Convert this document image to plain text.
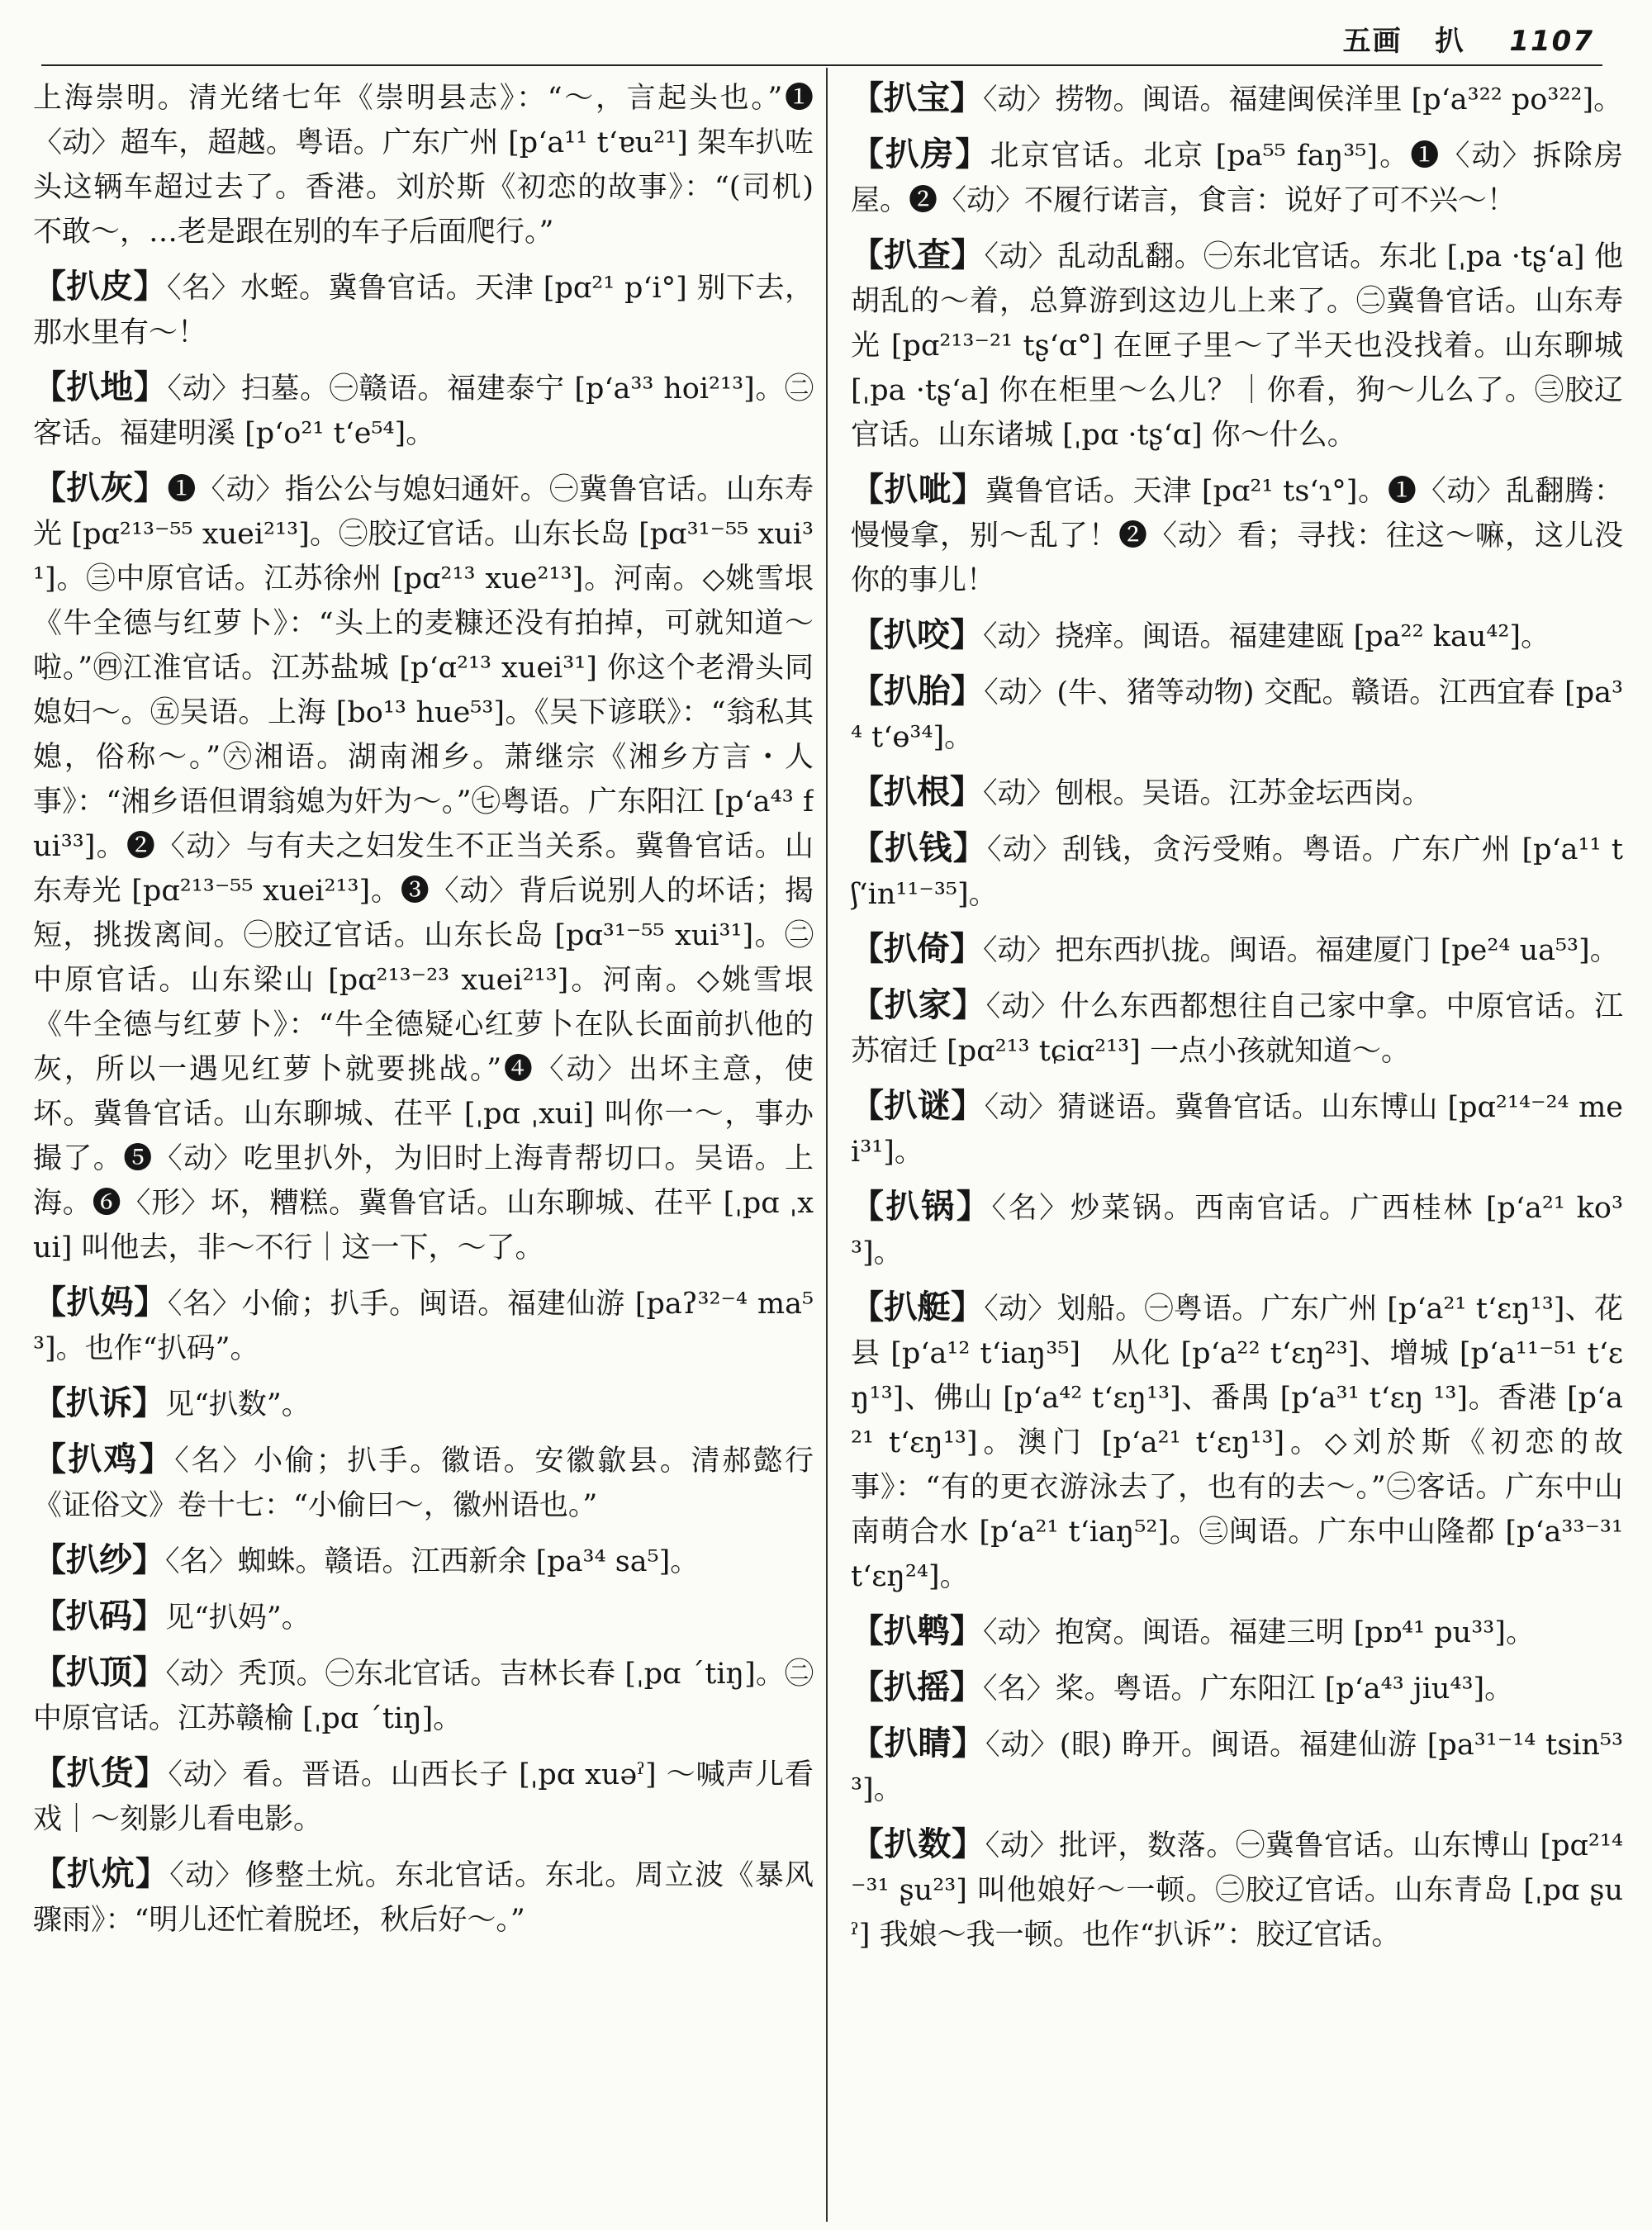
五画 扒 1107

上海崇明。清光绪七年《崇明县志》：“～，言起头也。”❶〈动〉超车，超越。粤语。广东广州 [p‘a¹¹ t‘ɐu²¹] 架车扒咗头这辆车超过去了。香港。刘於斯《初恋的故事》：“(司机) 不敢～，…老是跟在别的车子后面爬行。”

【扒皮】〈名〉水蛭。冀鲁官话。天津 [pɑ²¹ p‘i°] 别下去，那水里有～！

【扒地】〈动〉扫墓。㊀赣语。福建泰宁 [p‘a³³ hoi²¹³]。㊁客话。福建明溪 [p‘o²¹ t‘e⁵⁴]。

【扒灰】❶〈动〉指公公与媳妇通奸。㊀冀鲁官话。山东寿光 [pɑ²¹³⁻⁵⁵ xuei²¹³]。㊁胶辽官话。山东长岛 [pɑ³¹⁻⁵⁵ xui³¹]。㊂中原官话。江苏徐州 [pɑ²¹³ xue²¹³]。河南。◇姚雪垠《牛全德与红萝卜》：“头上的麦糠还没有拍掉，可就知道～啦。”㊃江淮官话。江苏盐城 [p‘ɑ²¹³ xuei³¹] 你这个老滑头同媳妇～。㊄吴语。上海 [bo¹³ hue⁵³]。《吴下谚联》：“翁私其媳，俗称～。”㊅湘语。湖南湘乡。萧继宗《湘乡方言・人事》：“湘乡语但谓翁媳为奸为～。”㊆粤语。广东阳江 [p‘a⁴³ fui³³]。❷〈动〉与有夫之妇发生不正当关系。冀鲁官话。山东寿光 [pɑ²¹³⁻⁵⁵ xuei²¹³]。❸〈动〉背后说别人的坏话；揭短，挑拨离间。㊀胶辽官话。山东长岛 [pɑ³¹⁻⁵⁵ xui³¹]。㊁中原官话。山东梁山 [pɑ²¹³⁻²³ xuei²¹³]。河南。◇姚雪垠《牛全德与红萝卜》：“牛全德疑心红萝卜在队长面前扒他的灰，所以一遇见红萝卜就要挑战。”❹〈动〉出坏主意，使坏。冀鲁官话。山东聊城、茌平 [ˌpɑ ˌxui] 叫你一～，事办撮了。❺〈动〉吃里扒外，为旧时上海青帮切口。吴语。上海。❻〈形〉坏，糟糕。冀鲁官话。山东聊城、茌平 [ˌpɑ ˌxui] 叫他去，非～不行｜这一下，～了。

【扒妈】〈名〉小偷；扒手。闽语。福建仙游 [paʔ³²⁻⁴ ma⁵³]。也作“扒码”。

【扒诉】见“扒数”。

【扒鸡】〈名〉小偷；扒手。徽语。安徽歙县。清郝懿行《证俗文》卷十七：“小偷曰～，徽州语也。”

【扒纱】〈名〉蜘蛛。赣语。江西新余 [pa³⁴ sa⁵]。

【扒码】见“扒妈”。

【扒顶】〈动〉秃顶。㊀东北官话。吉林长春 [ˌpɑ ˊtiŋ]。㊁中原官话。江苏赣榆 [ˌpɑ ˊtiŋ]。

【扒货】〈动〉看。晋语。山西长子 [ˌpɑ xuəˀ] ～喊声儿看戏｜～刻影儿看电影。

【扒炕】〈动〉修整土炕。东北官话。东北。周立波《暴风骤雨》：“明儿还忙着脱坯，秋后好～。”

【扒宝】〈动〉捞物。闽语。福建闽侯洋里 [p‘a³²² po³²²]。

【扒房】北京官话。北京 [pa⁵⁵ faŋ³⁵]。❶〈动〉拆除房屋。❷〈动〉不履行诺言，食言：说好了可不兴～！

【扒查】〈动〉乱动乱翻。㊀东北官话。东北 [ˌpa ·tʂ‘a] 他胡乱的～着，总算游到这边儿上来了。㊁冀鲁官话。山东寿光 [pɑ²¹³⁻²¹ tʂ‘ɑ°] 在匣子里～了半天也没找着。山东聊城 [ˌpa ·tʂ‘a] 你在柜里～么儿？｜你看，狗～儿么了。㊂胶辽官话。山东诸城 [ˌpɑ ·tʂ‘ɑ] 你～什么。

【扒呲】冀鲁官话。天津 [pɑ²¹ ts‘ɿ°]。❶〈动〉乱翻腾：慢慢拿，别～乱了！❷〈动〉看；寻找：往这～嘛，这儿没你的事儿！

【扒咬】〈动〉挠痒。闽语。福建建瓯 [pa²² kau⁴²]。

【扒胎】〈动〉(牛、猪等动物) 交配。赣语。江西宜春 [pa³⁴ t‘ɵ³⁴]。

【扒根】〈动〉刨根。吴语。江苏金坛西岗。

【扒钱】〈动〉刮钱，贪污受贿。粤语。广东广州 [p‘a¹¹ tʃ‘in¹¹⁻³⁵]。

【扒倚】〈动〉把东西扒拢。闽语。福建厦门 [pe²⁴ ua⁵³]。

【扒家】〈动〉什么东西都想往自己家中拿。中原官话。江苏宿迁 [pɑ²¹³ tɕiɑ²¹³] 一点小孩就知道～。

【扒谜】〈动〉猜谜语。冀鲁官话。山东博山 [pɑ²¹⁴⁻²⁴ mei³¹]。

【扒锅】〈名〉炒菜锅。西南官话。广西桂林 [p‘a²¹ ko³³]。

【扒艇】〈动〉划船。㊀粤语。广东广州 [p‘a²¹ t‘ɛŋ¹³]、花县 [p‘a¹² t‘iaŋ³⁵]　从化 [p‘a²² t‘ɛŋ²³]、增城 [p‘a¹¹⁻⁵¹ t‘ɛŋ¹³]、佛山 [p‘a⁴² t‘ɛŋ¹³]、番禺 [p‘a³¹ t‘ɛŋ ¹³]。香港 [p‘a²¹ t‘ɛŋ¹³]。澳门 [p‘a²¹ t‘ɛŋ¹³]。◇刘於斯《初恋的故事》：“有的更衣游泳去了，也有的去～。”㊁客话。广东中山南萌合水 [p‘a²¹ t‘iaŋ⁵²]。㊂闽语。广东中山隆都 [p‘a³³⁻³¹ t‘ɛŋ²⁴]。

【扒鹎】〈动〉抱窝。闽语。福建三明 [pɒ⁴¹ pu³³]。

【扒摇】〈名〉桨。粤语。广东阳江 [p‘a⁴³ jiu⁴³]。

【扒睛】〈动〉(眼) 睁开。闽语。福建仙游 [pa³¹⁻¹⁴ tsin⁵³³]。

【扒数】〈动〉批评，数落。㊀冀鲁官话。山东博山 [pɑ²¹⁴⁻³¹ ʂu²³] 叫他娘好～一顿。㊁胶辽官话。山东青岛 [ˌpɑ ʂuˀ] 我娘～我一顿。也作“扒诉”：胶辽官话。
